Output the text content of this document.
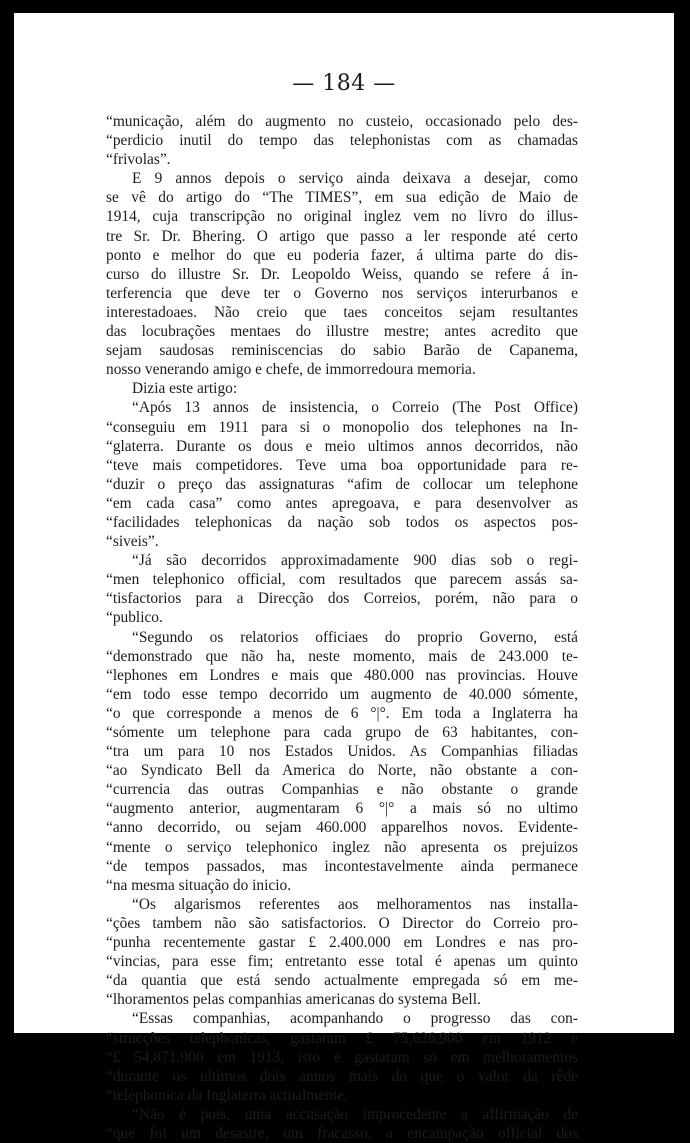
— 184 —
“municação, além do augmento no custeio, occasionado pelo des-
“perdicio inutil do tempo das telephonistas com as chamadas
“frivolas”.
E 9 annos depois o serviço ainda deixava a desejar, como
se vê do artigo do “The TIMES”, em sua edição de Maio de
1914, cuja transcripção no original inglez vem no livro do illus-
tre Sr. Dr. Bhering. O artigo que passo a ler responde até certo
ponto e melhor do que eu poderia fazer, á ultima parte do dis-
curso do illustre Sr. Dr. Leopoldo Weiss, quando se refere á in-
terferencia que deve ter o Governo nos serviços interurbanos e
interestadoaes. Não creio que taes conceitos sejam resultantes
das locubrações mentaes do illustre mestre; antes acredito que
sejam saudosas reminiscencias do sabio Barão de Capanema,
nosso venerando amigo e chefe, de immorredoura memoria.
Dizia este artigo:
“Após 13 annos de insistencia, o Correio (The Post Office)
“conseguiu em 1911 para si o monopolio dos telephones na In-
“glaterra. Durante os dous e meio ultimos annos decorridos, não
“teve mais competidores. Teve uma boa opportunidade para re-
“duzir o preço das assignaturas “afim de collocar um telephone
“em cada casa” como antes apregoava, e para desenvolver as
“facilidades telephonicas da nação sob todos os aspectos pos-
“siveis”.
“Já são decorridos approximadamente 900 dias sob o regi-
“men telephonico official, com resultados que parecem assás sa-
“tisfactorios para a Direcção dos Correios, porém, não para o
“publico.
“Segundo os relatorios officiaes do proprio Governo, está
“demonstrado que não ha, neste momento, mais de 243.000 te-
“lephones em Londres e mais que 480.000 nas provincias. Houve
“em todo esse tempo decorrido um augmento de 40.000 sómente,
“o que corresponde a menos de 6 °|°. Em toda a Inglaterra ha
“sómente um telephone para cada grupo de 63 habitantes, con-
“tra um para 10 nos Estados Unidos. As Companhias filiadas
“ao Syndicato Bell da America do Norte, não obstante a con-
“currencia das outras Companhias e não obstante o grande
“augmento anterior, augmentaram 6 °|° a mais só no ultimo
“anno decorrido, ou sejam 460.000 apparelhos novos. Evidente-
“mente o serviço telephonico inglez não apresenta os prejuizos
“de tempos passados, mas incontestavelmente ainda permanece
“na mesma situação do inicio.
“Os algarismos referentes aos melhoramentos nas installa-
“ções tambem não são satisfactorios. O Director do Correio pro-
“punha recentemente gastar £ 2.400.000 em Londres e nas pro-
“vincias, para esse fim; entretanto esse total é apenas um quinto
“da quantia que está sendo actualmente empregada só em me-
“lhoramentos pelas companhias americanas do systema Bell.
“Essas companhias, acompanhando o progresso das con-
“strucções telephonicas, gastaram £ 75,626.900 em 1912 e
“£ 54,871.900 em 1913, isto é gastaram só em melhoramentos
“durante os ultimos dois annos mais do que o valor da rêde
“telephonica da Inglaterra actualmente.
“Não é pois, uma accusação improcedente a affirmação de
“que foi um desastre, um fracasso, a encampação official dos
